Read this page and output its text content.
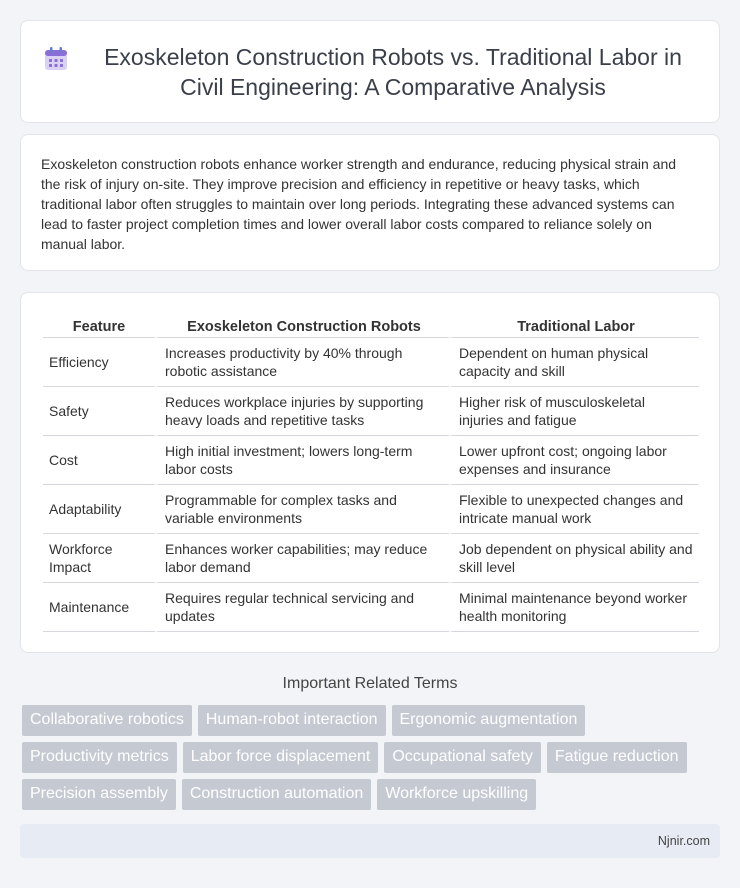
Exoskeleton Construction Robots vs. Traditional Labor in Civil Engineering: A Comparative Analysis

Exoskeleton construction robots enhance worker strength and endurance, reducing physical strain and the risk of injury on-site. They improve precision and efficiency in repetitive or heavy tasks, which traditional labor often struggles to maintain over long periods. Integrating these advanced systems can lead to faster project completion times and lower overall labor costs compared to reliance solely on manual labor.

Feature	Exoskeleton Construction Robots	Traditional Labor
Efficiency	Increases productivity by 40% through robotic assistance	Dependent on human physical capacity and skill
Safety	Reduces workplace injuries by supporting heavy loads and repetitive tasks	Higher risk of musculoskeletal injuries and fatigue
Cost	High initial investment; lowers long-term labor costs	Lower upfront cost; ongoing labor expenses and insurance
Adaptability	Programmable for complex tasks and variable environments	Flexible to unexpected changes and intricate manual work
Workforce Impact	Enhances worker capabilities; may reduce labor demand	Job dependent on physical ability and skill level
Maintenance	Requires regular technical servicing and updates	Minimal maintenance beyond worker health monitoring
Important Related Terms
Collaborative robotics	Human-robot interaction	Ergonomic augmentation
Productivity metrics	Labor force displacement	Occupational safety	Fatigue reduction
Precision assembly	Construction automation	Workforce upskilling
Njnir.com
